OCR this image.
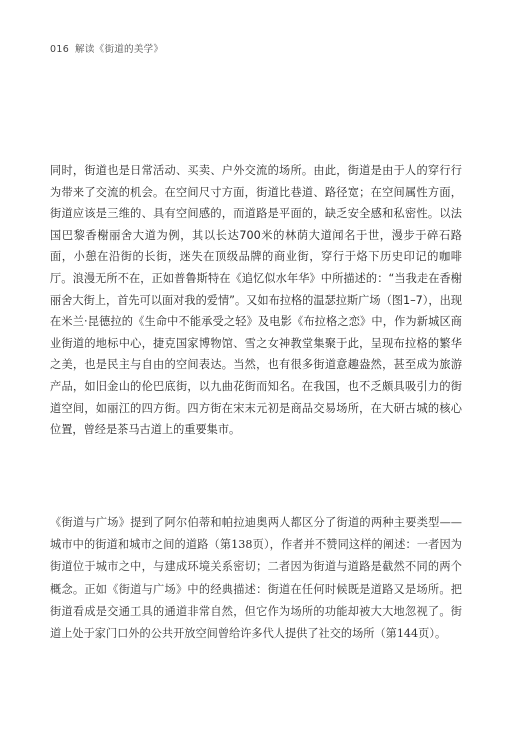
016 解读《街道的美学》

同时，街道也是日常活动、买卖、户外交流的场所。由此，街道是由于人的穿行行为带来了交流的机会。在空间尺寸方面，街道比巷道、路径宽；在空间属性方面，街道应该是三维的、具有空间感的，而道路是平面的，缺乏安全感和私密性。以法国巴黎香榭丽舍大道为例，其以长达700米的林荫大道闻名于世，漫步于碎石路面，小憩在沿街的长街，迷失在顶级品牌的商业街，穿行于烙下历史印记的咖啡厅。浪漫无所不在，正如普鲁斯特在《追忆似水年华》中所描述的：“当我走在香榭丽舍大街上，首先可以面对我的爱情”。又如布拉格的温瑟拉斯广场（图1–7），出现在米兰·昆德拉的《生命中不能承受之轻》及电影《布拉格之恋》中，作为新城区商业街道的地标中心，捷克国家博物馆、雪之女神教堂集聚于此，呈现布拉格的繁华之美，也是民主与自由的空间表达。当然，也有很多街道意趣盎然，甚至成为旅游产品，如旧金山的伦巴底街，以九曲花街而知名。在我国，也不乏颇具吸引力的街道空间，如丽江的四方街。四方街在宋末元初是商品交易场所，在大研古城的核心位置，曾经是茶马古道上的重要集市。

《街道与广场》提到了阿尔伯蒂和帕拉迪奥两人都区分了街道的两种主要类型——城市中的街道和城市之间的道路（第138页），作者并不赞同这样的阐述：一者因为街道位于城市之中，与建成环境关系密切；二者因为街道与道路是截然不同的两个概念。正如《街道与广场》中的经典描述：街道在任何时候既是道路又是场所。把街道看成是交通工具的通道非常自然，但它作为场所的功能却被大大地忽视了。街道上处于家门口外的公共开放空间曾给许多代人提供了社交的场所（第144页）。
